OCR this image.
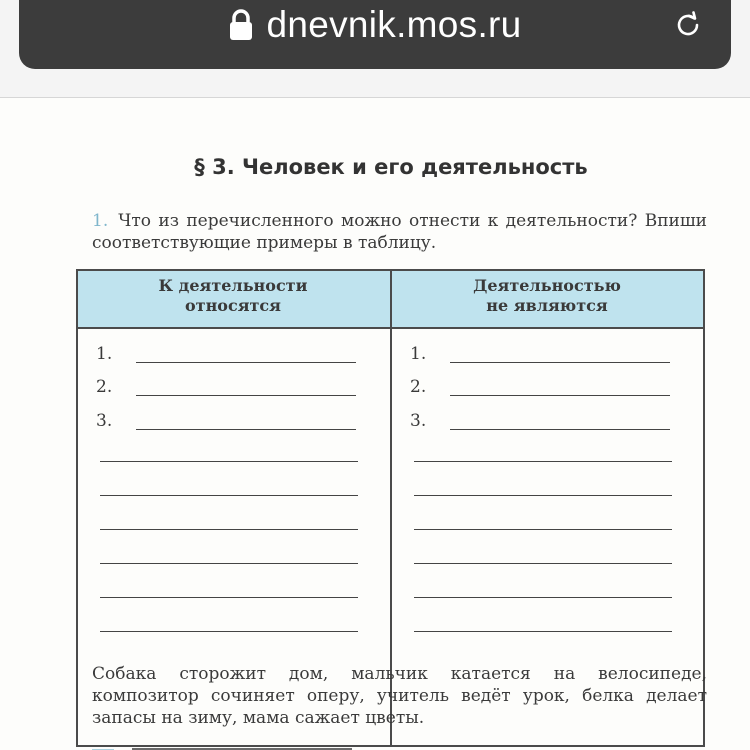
dnevnik.mos.ru
§ 3. Человек и его деятельность
1. Что из перечисленного можно отнести к деятельности? Впиши соответствующие примеры в таблицу.
К деятельности
относятся
Деятельностью
не являются
1.
2.
3.
1.
2.
3.
Собака сторожит дом, мальчик катается на велосипеде, композитор сочиняет оперу, учитель ведёт урок, белка делает запасы на зиму, мама сажает цветы.
